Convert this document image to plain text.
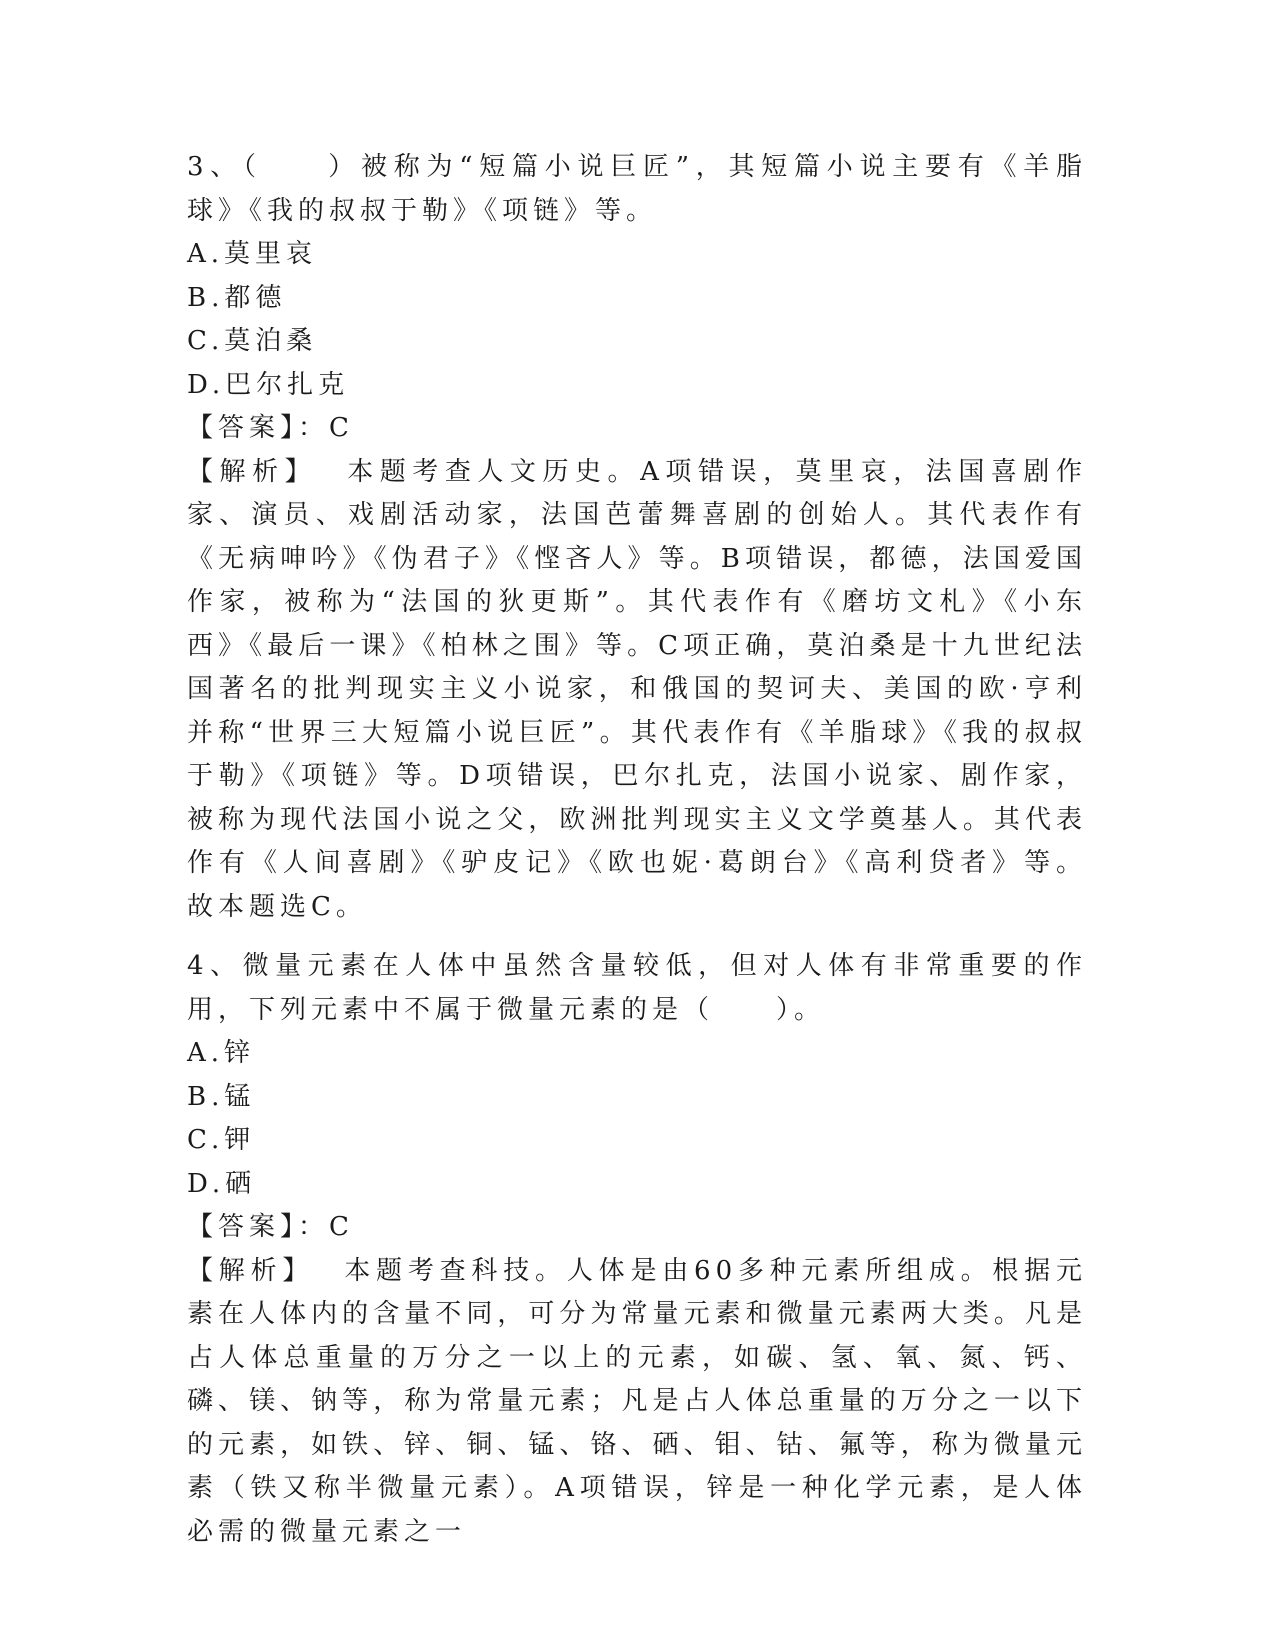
3、（　　）被称为“短篇小说巨匠”，其短篇小说主要有《羊脂球》《我的叔叔于勒》《项链》等。

A.莫里哀

B.都德

C.莫泊桑

D.巴尔扎克

【答案】：C

【解析】 本题考查人文历史。A项错误，莫里哀，法国喜剧作家、演员、戏剧活动家，法国芭蕾舞喜剧的创始人。其代表作有《无病呻吟》《伪君子》《悭吝人》等。B项错误，都德，法国爱国作家，被称为“法国的狄更斯”。其代表作有《磨坊文札》《小东西》《最后一课》《柏林之围》等。C项正确，莫泊桑是十九世纪法国著名的批判现实主义小说家，和俄国的契诃夫、美国的欧·亨利并称“世界三大短篇小说巨匠”。其代表作有《羊脂球》《我的叔叔于勒》《项链》等。D项错误，巴尔扎克，法国小说家、剧作家，被称为现代法国小说之父，欧洲批判现实主义文学奠基人。其代表作有《人间喜剧》《驴皮记》《欧也妮·葛朗台》《高利贷者》等。故本题选C。

4、微量元素在人体中虽然含量较低，但对人体有非常重要的作用，下列元素中不属于微量元素的是（　　）。

A.锌

B.锰

C.钾

D.硒

【答案】：C

【解析】 本题考查科技。人体是由60多种元素所组成。根据元素在人体内的含量不同，可分为常量元素和微量元素两大类。凡是占人体总重量的万分之一以上的元素，如碳、氢、氧、氮、钙、磷、镁、钠等，称为常量元素；凡是占人体总重量的万分之一以下的元素，如铁、锌、铜、锰、铬、硒、钼、钴、氟等，称为微量元素（铁又称半微量元素）。A项错误，锌是一种化学元素，是人体必需的微量元素之一
